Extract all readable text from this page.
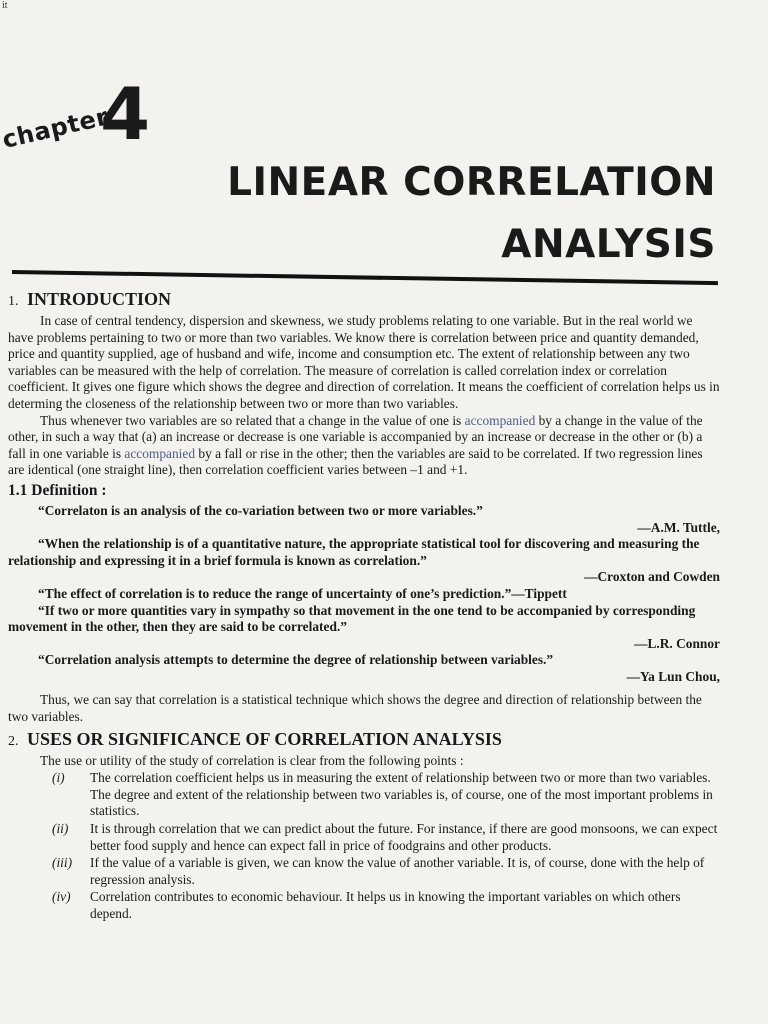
it
chapter
4
LINEAR CORRELATION
ANALYSIS
1. INTRODUCTION

In case of central tendency, dispersion and skewness, we study problems relating to one variable. But in the real world we have problems pertaining to two or more than two variables. We know there is correlation between price and quantity demanded, price and quantity supplied, age of husband and wife, income and consumption etc. The extent of relationship between any two variables can be measured with the help of correlation. The measure of correlation is called correlation index or correlation coefficient. It gives one figure which shows the degree and direction of correlation. It means the coefficient of correlation helps us in determing the closeness of the relationship between two or more than two variables.

Thus whenever two variables are so related that a change in the value of one is accompanied by a change in the value of the other, in such a way that (a) an increase or decrease is one variable is accompanied by an increase or decrease in the other or (b) a fall in one variable is accompanied by a fall or rise in the other; then the variables are said to be correlated. If two regression lines are identical (one straight line), then correlation coefficient varies between –1 and +1.

1.1 Definition :

“Correlaton is an analysis of the co-variation between two or more variables.”

—A.M. Tuttle,

“When the relationship is of a quantitative nature, the appropriate statistical tool for discovering and measuring the relationship and expressing it in a brief formula is known as correlation.”

—Croxton and Cowden

“The effect of correlation is to reduce the range of uncertainty of one’s prediction.”—Tippett

“If two or more quantities vary in sympathy so that movement in the one tend to be accompanied by corresponding movement in the other, then they are said to be correlated.”

—L.R. Connor

“Correlation analysis attempts to determine the degree of relationship between variables.”

—Ya Lun Chou,

Thus, we can say that correlation is a statistical technique which shows the degree and direction of relationship between the two variables.

2. USES OR SIGNIFICANCE OF CORRELATION ANALYSIS

The use or utility of the study of correlation is clear from the following points :

(i) The correlation coefficient helps us in measuring the extent of relationship between two or more than two variables. The degree and extent of the relationship between two variables is, of course, one of the most important problems in statistics.
(ii) It is through correlation that we can predict about the future. For instance, if there are good monsoons, we can expect better food supply and hence can expect fall in price of foodgrains and other products.
(iii) If the value of a variable is given, we can know the value of another variable. It is, of course, done with the help of regression analysis.
(iv) Correlation contributes to economic behaviour. It helps us in knowing the important variables on which others depend.
